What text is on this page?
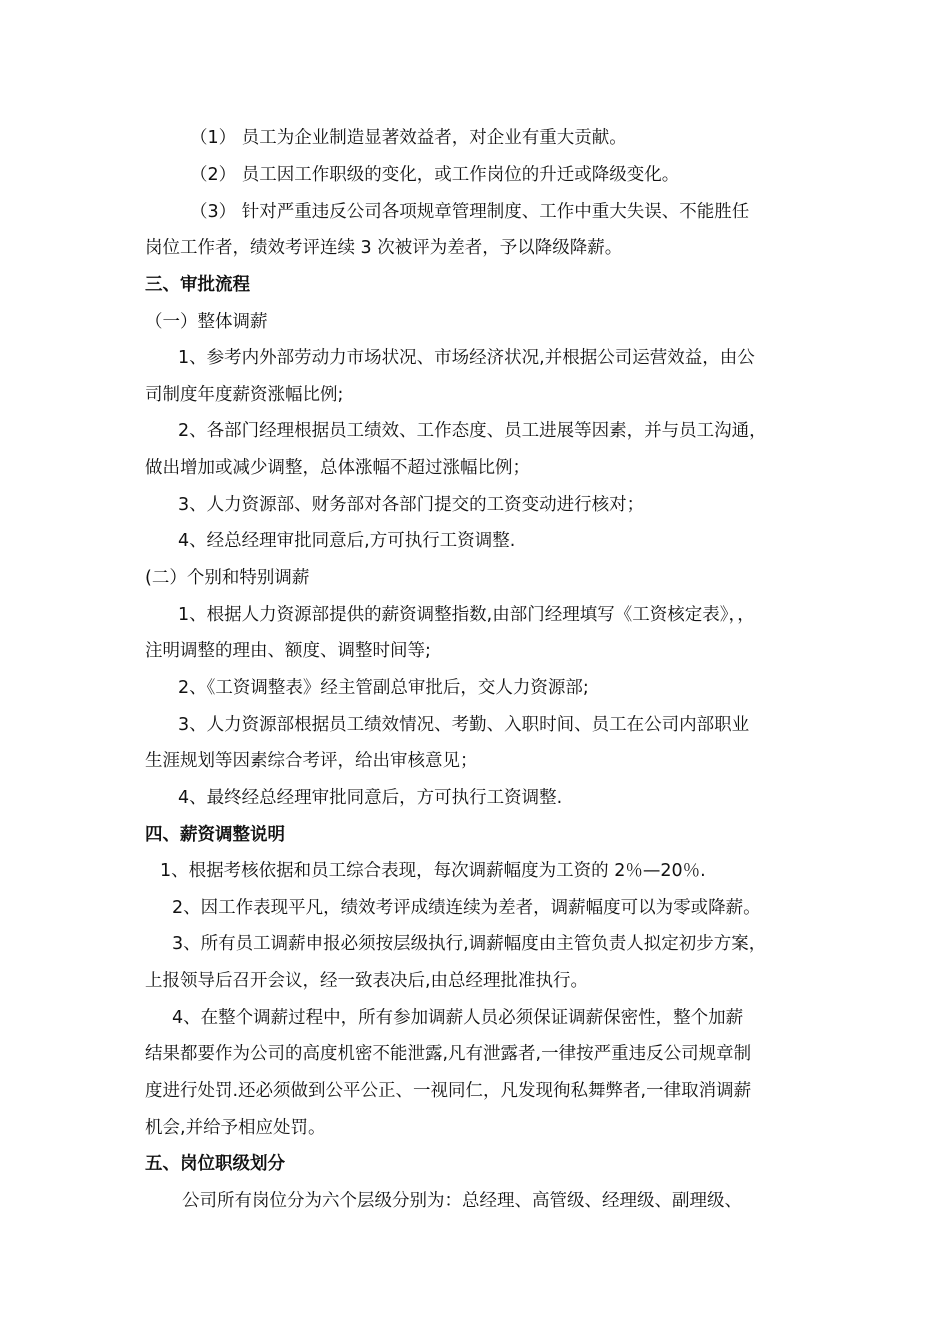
（1） 员工为企业制造显著效益者，对企业有重大贡献。

（2） 员工因工作职级的变化，或工作岗位的升迁或降级变化。

（3） 针对严重违反公司各项规章管理制度、工作中重大失误、不能胜任

岗位工作者，绩效考评连续 3 次被评为差者，予以降级降薪。

三、审批流程

（一）整体调薪

1、参考内外部劳动力市场状况、市场经济状况,并根据公司运营效益，由公

司制度年度薪资涨幅比例;

2、各部门经理根据员工绩效、工作态度、员工进展等因素，并与员工沟通，

做出增加或减少调整，总体涨幅不超过涨幅比例；

3、人力资源部、财务部对各部门提交的工资变动进行核对；

4、经总经理审批同意后,方可执行工资调整.

(二）个别和特别调薪

1、根据人力资源部提供的薪资调整指数,由部门经理填写《工资核定表》，，

注明调整的理由、额度、调整时间等;

2、《工资调整表》经主管副总审批后，交人力资源部;

3、人力资源部根据员工绩效情况、考勤、入职时间、员工在公司内部职业

生涯规划等因素综合考评，给出审核意见；

4、最终经总经理审批同意后，方可执行工资调整.

四、薪资调整说明

1、根据考核依据和员工综合表现，每次调薪幅度为工资的 2％—20％.

2、因工作表现平凡，绩效考评成绩连续为差者，调薪幅度可以为零或降薪。

3、所有员工调薪申报必须按层级执行,调薪幅度由主管负责人拟定初步方案，

上报领导后召开会议，经一致表决后,由总经理批准执行。

4、在整个调薪过程中，所有参加调薪人员必须保证调薪保密性，整个加薪

结果都要作为公司的高度机密不能泄露,凡有泄露者,一律按严重违反公司规章制

度进行处罚.还必须做到公平公正、一视同仁，凡发现徇私舞弊者,一律取消调薪

机会,并给予相应处罚。

五、岗位职级划分

公司所有岗位分为六个层级分别为：总经理、高管级、经理级、副理级、
